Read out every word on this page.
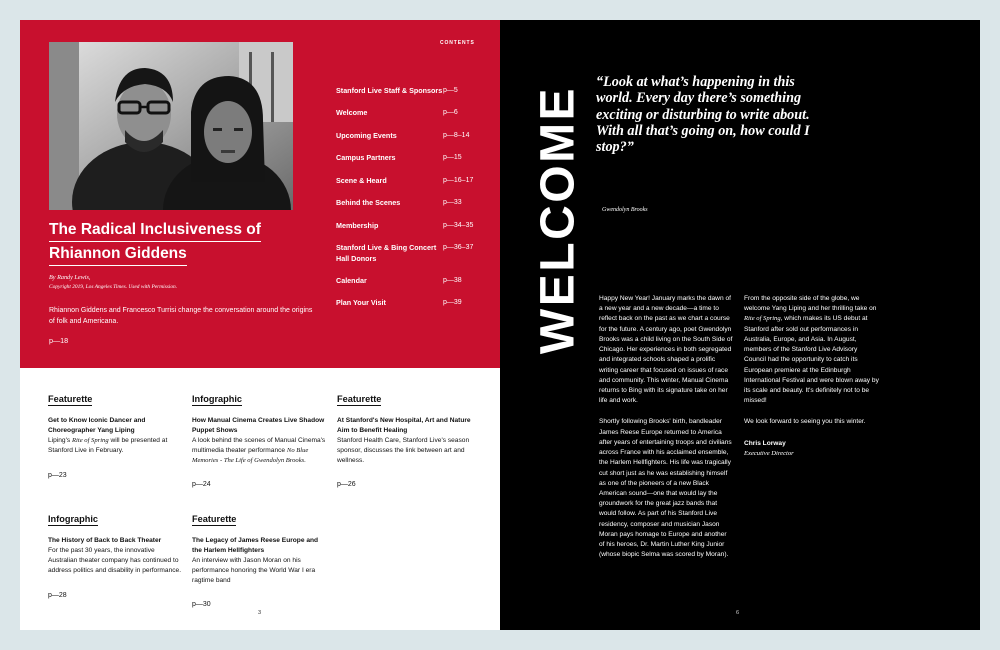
The Radical Inclusiveness of
Rhiannon Giddens
By Randy Lewis,
Copyright 2019, Los Angeles Times. Used with Permission.
Rhiannon Giddens and Francesco Turrisi change the conversation around the origins of folk and Americana.
p—18
CONTENTS
Stanford Live Staff & Sponsors p—5
Welcome	p—6
Upcoming Events	p—8–14
Campus Partners	p—15
Scene & Heard	p—16–17
Behind the Scenes	p—33
Membership	p—34–35
Stanford Live & Bing Concert Hall Donors
p—36–37
Calendar	p—38
Plan Your Visit	p—39
Featurette
Get to Know Iconic Dancer and Choreographer Yang Liping
Liping's Rite of Spring will be presented at Stanford Live in February.
p—23
Infographic
How Manual Cinema Creates Live Shadow Puppet Shows
A look behind the scenes of Manual Cinema's multimedia theater performance No Blue Memories - The Life of Gwendolyn Brooks.
p—24
Featurette
At Stanford's New Hospital, Art and Nature Aim to Benefit Healing
Stanford Health Care, Stanford Live's season sponsor, discusses the link between art and wellness.
p—26
Infographic
The History of Back to Back Theater
For the past 30 years, the innovative Australian theater company has continued to address politics and disability in performance.
p—28
Featurette
The Legacy of James Reese Europe and the Harlem Hellfighters
An interview with Jason Moran on his performance honoring the World War I era ragtime band
p—30
3
WELCOME
“Look at what’s happening in this world. Every day there’s something exciting or disturbing to write about. With all that’s going on, how could I stop?”
Gwendolyn Brooks

Happy New Year! January marks the dawn of a new year and a new decade—a time to reflect back on the past as we chart a course for the future. A century ago, poet Gwendolyn Brooks was a child living on the South Side of Chicago. Her experiences in both segregated and integrated schools shaped a prolific writing career that focused on issues of race and community. This winter, Manual Cinema returns to Bing with its signature take on her life and work.

Shortly following Brooks' birth, bandleader James Reese Europe returned to America after years of entertaining troops and civilians across France with his acclaimed ensemble, the Harlem Hellfighters. His life was tragically cut short just as he was establishing himself as one of the pioneers of a new Black American sound—one that would lay the groundwork for the great jazz bands that would follow. As part of his Stanford Live residency, composer and musician Jason Moran pays homage to Europe and another of his heroes, Dr. Martin Luther King Junior (whose biopic Selma was scored by Moran).

From the opposite side of the globe, we welcome Yang Liping and her thrilling take on Rite of Spring, which makes its US debut at Stanford after sold out performances in Australia, Europe, and Asia. In August, members of the Stanford Live Advisory Council had the opportunity to catch its European premiere at the Edinburgh International Festival and were blown away by its scale and beauty. It's definitely not to be missed!

We look forward to seeing you this winter.

Chris Lorway
Executive Director

6
